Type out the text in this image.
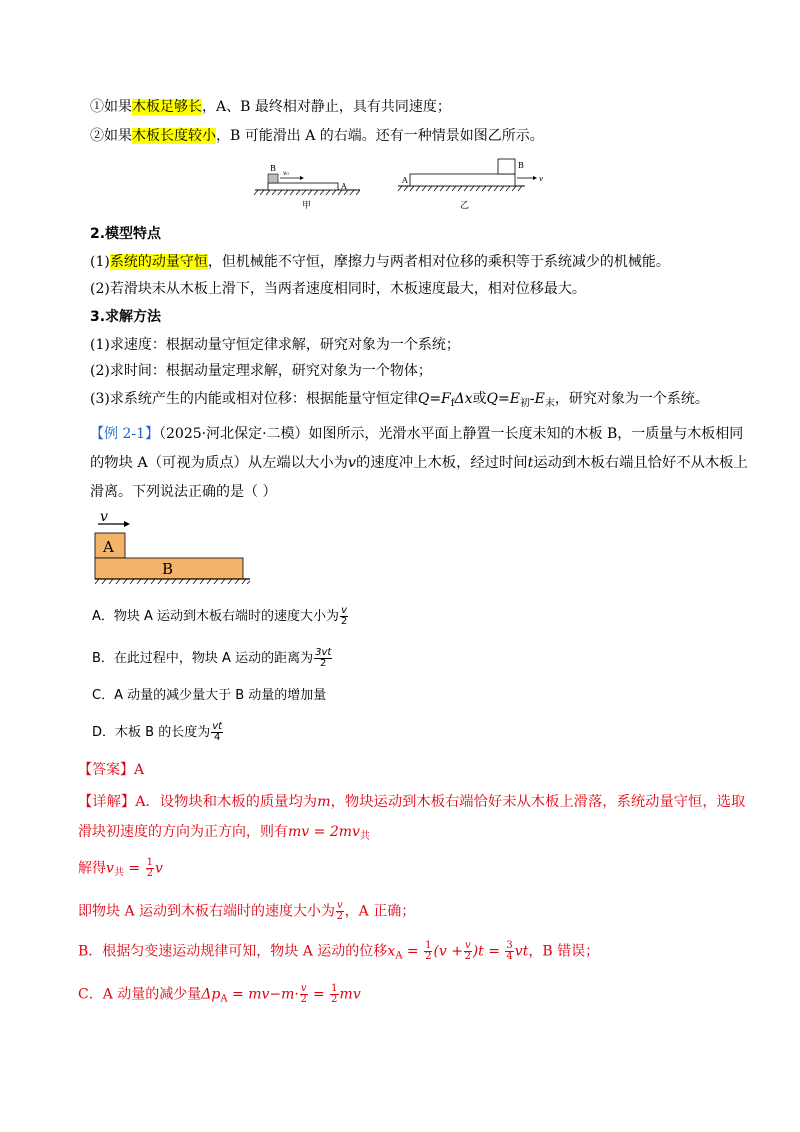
①如果木板足够长，A、B 最终相对静止，具有共同速度；
②如果木板长度较小，B 可能滑出 A 的右端。还有一种情景如图乙所示。
B
A
v₀
甲
A
B
v
乙
2.模型特点
(1)系统的动量守恒，但机械能不守恒，摩擦力与两者相对位移的乘积等于系统减少的机械能。
(2)若滑块未从木板上滑下，当两者速度相同时，木板速度最大，相对位移最大。
3.求解方法
(1)求速度：根据动量守恒定律求解，研究对象为一个系统；
(2)求时间：根据动量定理求解，研究对象为一个物体；
(3)求系统产生的内能或相对位移：根据能量守恒定律$Q=F_f\Delta x$或$Q=E_初-E_末$，研究对象为一个系统。
【例 2-1】（2025·河北保定·二模）如图所示，光滑水平面上静置一长度未知的木板 B，一质量与木板相同
的物块 A（可视为质点）从左端以大小为v的速度冲上木板，经过时间t运动到木板右端且恰好不从木板上
滑离。下列说法正确的是（ ）
v
A
B
A．物块 A 运动到木板右端时的速度大小为 $\frac{v}{2}$
B．在此过程中，物块 A 运动的距离为 $\frac{3vt}{2}$
C．A 动量的减少量大于 B 动量的增加量
D．木板 B 的长度为 $\frac{vt}{4}$
【答案】A
【详解】A．设物块和木板的质量均为m，物块运动到木板右端恰好未从木板上滑落，系统动量守恒，选取
滑块初速度的方向为正方向，则有mv = $2mv_共$
解得$v_共 = \frac{1}{2}$ v
即物块 A 运动到木板右端时的速度大小为 $\frac{v}{2}$ ，A 正确；
B．根据匀变速运动规律可知，物块 A 运动的位移$x_A = \frac{1}{2} (v + \frac{v}{2} )t = \frac{3}{4}$ vt，B 错误；
C．A 动量的减少量$\Delta p_A = mv-m\cdot \frac{v}{2} = \frac{1}{2}$ mv
